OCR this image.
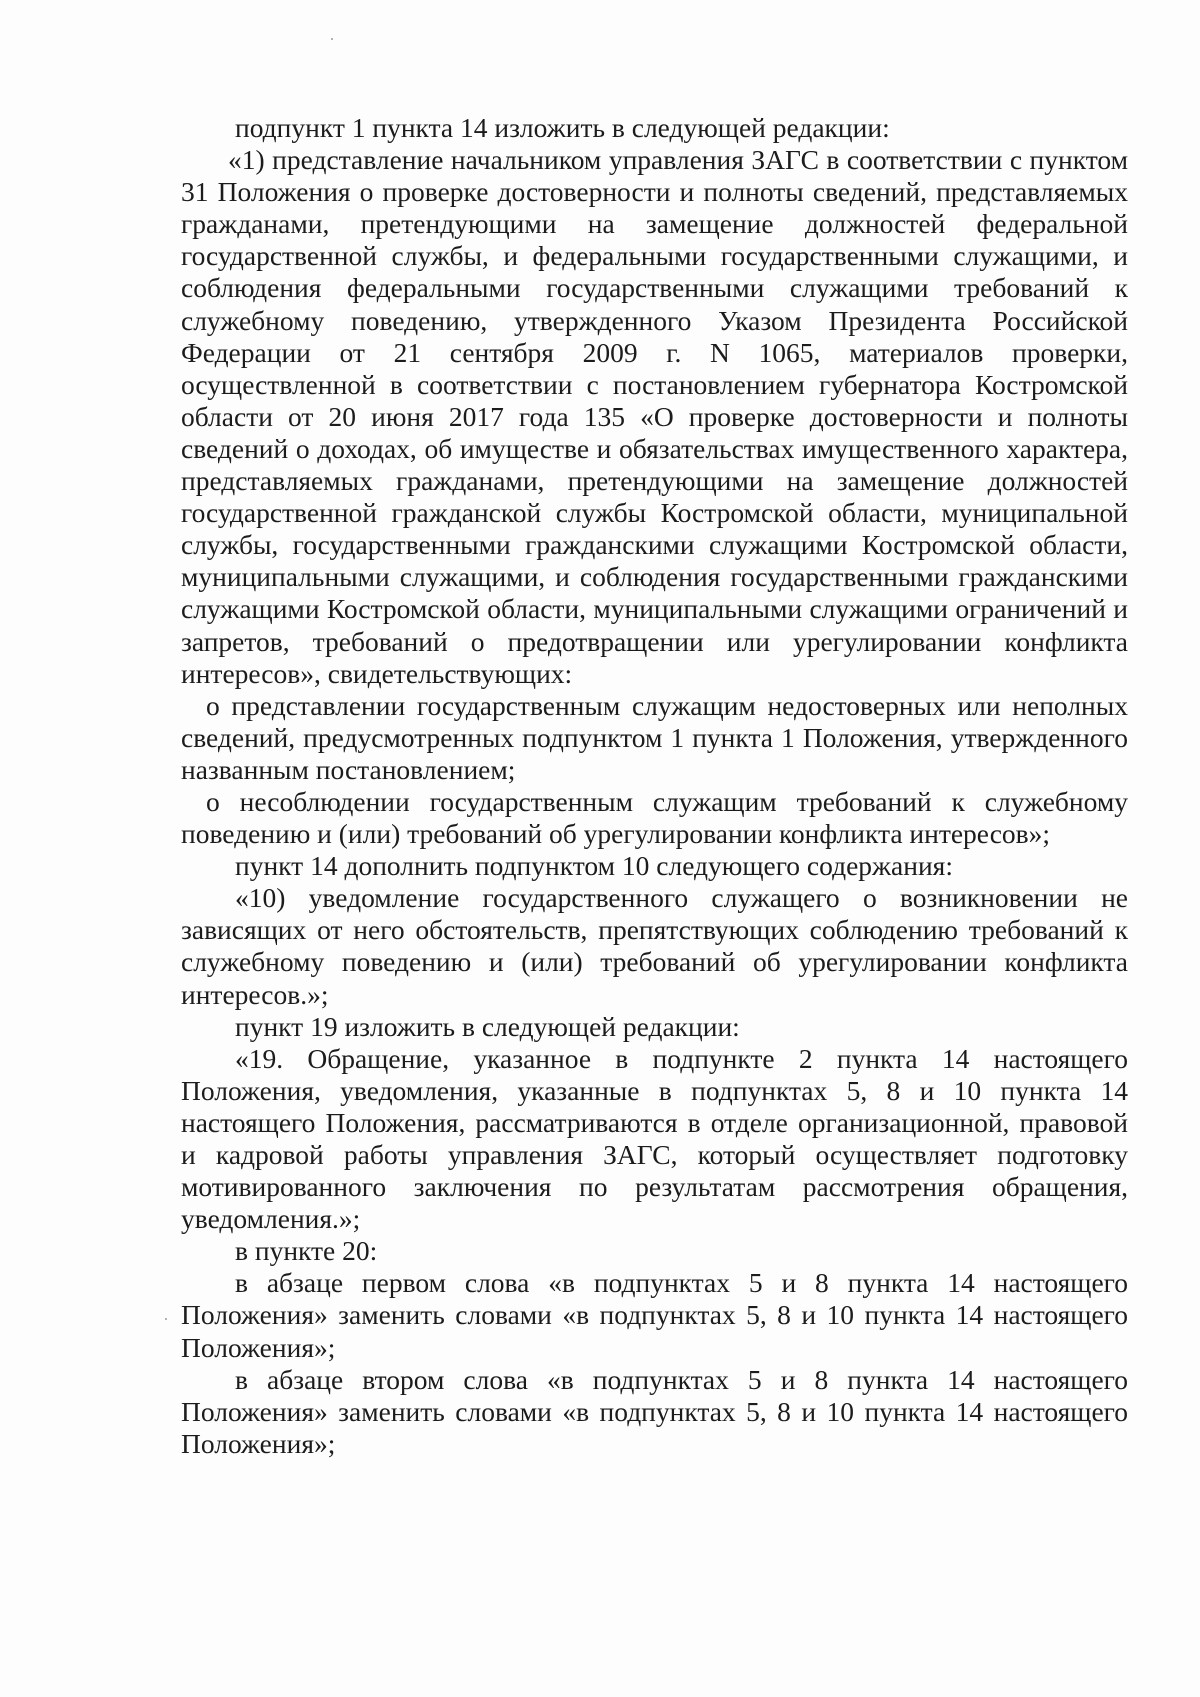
подпункт 1 пункта 14 изложить в следующей редакции:

«1) представление начальником управления ЗАГС в соответствии с пунктом 31 Положения о проверке достоверности и полноты сведений, представляемых гражданами, претендующими на замещение должностей федеральной государственной службы, и федеральными государственными служащими, и соблюдения федеральными государственными служащими требований к служебному поведению, утвержденного Указом Президента Российской Федерации от 21 сентября 2009 г. N 1065, материалов проверки, осуществленной в соответствии с постановлением губернатора Костромской области от 20 июня 2017 года 135 «О проверке достоверности и полноты сведений о доходах, об имуществе и обязательствах имущественного характера, представляемых гражданами, претендующими на замещение должностей государственной гражданской службы Костромской области, муниципальной службы, государственными гражданскими служащими Костромской области, муниципальными служащими, и соблюдения государственными гражданскими служащими Костромской области, муниципальными служащими ограничений и запретов, требований о предотвращении или урегулировании конфликта интересов», свидетельствующих:

о представлении государственным служащим недостоверных или неполных сведений, предусмотренных подпунктом 1 пункта 1 Положения, утвержденного названным постановлением;

о несоблюдении государственным служащим требований к служебному поведению и (или) требований об урегулировании конфликта интересов»;

пункт 14 дополнить подпунктом 10 следующего содержания:

«10) уведомление государственного служащего о возникновении не зависящих от него обстоятельств, препятствующих соблюдению требований к служебному поведению и (или) требований об урегулировании конфликта интересов.»;

пункт 19 изложить в следующей редакции:

«19. Обращение, указанное в подпункте 2 пункта 14 настоящего Положения, уведомления, указанные в подпунктах 5, 8 и 10 пункта 14 настоящего Положения, рассматриваются в отделе организационной, правовой и кадровой работы управления ЗАГС, который осуществляет подготовку мотивированного заключения по результатам рассмотрения обращения, уведомления.»;

в пункте 20:

в абзаце первом слова «в подпунктах 5 и 8 пункта 14 настоящего Положения» заменить словами «в подпунктах 5, 8 и 10 пункта 14 настоящего Положения»;

в абзаце втором слова «в подпунктах 5 и 8 пункта 14 настоящего Положения» заменить словами «в подпунктах 5, 8 и 10 пункта 14 настоящего Положения»;
